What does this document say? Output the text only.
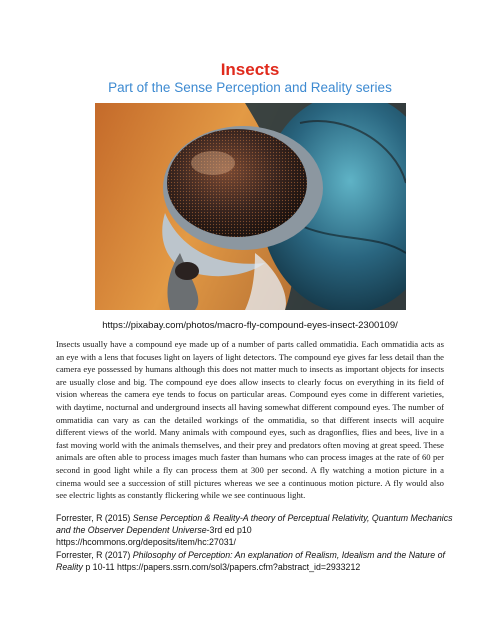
Insects
Part of the Sense Perception and Reality series
https://pixabay.com/photos/macro-fly-compound-eyes-insect-2300109/

Insects usually have a compound eye made up of a number of parts called ommatidia. Each ommatidia acts as an eye with a lens that focuses light on layers of light detectors. The compound eye gives far less detail than the camera eye possessed by humans although this does not matter much to insects as important objects for insects are usually close and big. The compound eye does allow insects to clearly focus on everything in its field of vision whereas the camera eye tends to focus on particular areas. Compound eyes come in different varieties, with daytime, nocturnal and underground insects all having somewhat different compound eyes. The number of ommatidia can vary as can the detailed workings of the ommatidia, so that different insects will acquire different views of the world. Many animals with compound eyes, such as dragonflies, flies and bees, live in a fast moving world with the animals themselves, and their prey and predators often moving at great speed. These animals are often able to process images much faster than humans who can process images at the rate of 60 per second in good light while a fly can process them at 300 per second. A fly watching a motion picture in a cinema would see a succession of still pictures whereas we see a continuous motion picture. A fly would also see electric lights as constantly flickering while we see continuous light.

Forrester, R (2015) Sense Perception & Reality-A theory of Perceptual Relativity, Quantum Mechanics and the Observer Dependent Universe-3rd ed p10
https://hcommons.org/deposits/item/hc:27031/

Forrester, R (2017) Philosophy of Perception: An explanation of Realism, Idealism and the Nature of Reality p 10-11 https://papers.ssrn.com/sol3/papers.cfm?abstract_id=2933212
